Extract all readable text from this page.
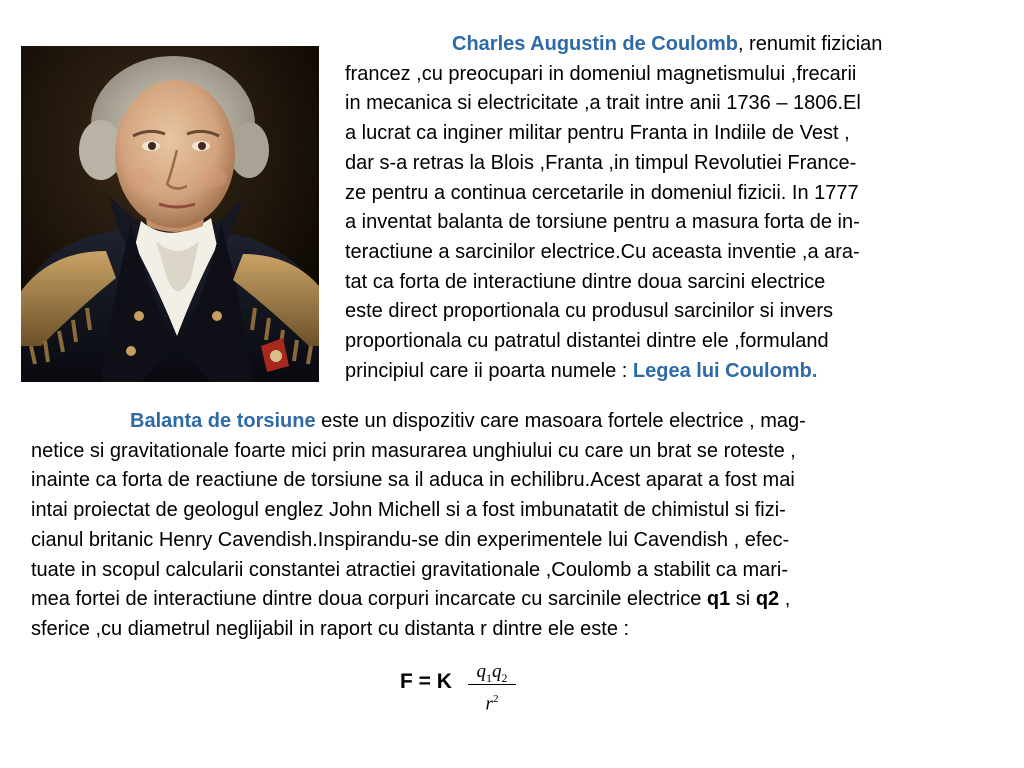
Charles Augustin de Coulomb, renumit fizician
francez ,cu preocupari in domeniul magnetismului ,frecarii
in mecanica si electricitate ,a trait intre anii 1736 – 1806.El
a lucrat ca inginer militar pentru Franta in Indiile de Vest ,
dar s-a retras la Blois ,Franta ,in timpul Revolutiei France-
ze pentru a continua cercetarile in domeniul fizicii. In 1777
a inventat balanta de torsiune pentru a masura forta de in-
teractiune a sarcinilor electrice.Cu aceasta inventie ,a ara-
tat ca forta de interactiune dintre doua sarcini electrice
este direct proportionala cu produsul sarcinilor si invers
proportionala cu patratul distantei dintre ele ,formuland
principiul care ii poarta numele : Legea lui Coulomb.

Balanta de torsiune este un dispozitiv care masoara fortele electrice , mag-
netice si gravitationale foarte mici prin masurarea unghiului cu care un brat se roteste ,
inainte ca forta de reactiune de torsiune sa il aduca in echilibru.Acest aparat a fost mai
intai proiectat de geologul englez John Michell si a fost imbunatatit de chimistul si fizi-
cianul britanic Henry Cavendish.Inspirandu-se din experimentele lui Cavendish , efec-
tuate in scopul calcularii constantei atractiei gravitationale ,Coulomb a stabilit ca mari-
mea fortei de interactiune dintre doua corpuri incarcate cu sarcinile electrice q1 si q2 ,
sferice ,cu diametrul neglijabil in raport cu distanta r dintre ele este :

F = K	$q_1q_2$
$r^2$
